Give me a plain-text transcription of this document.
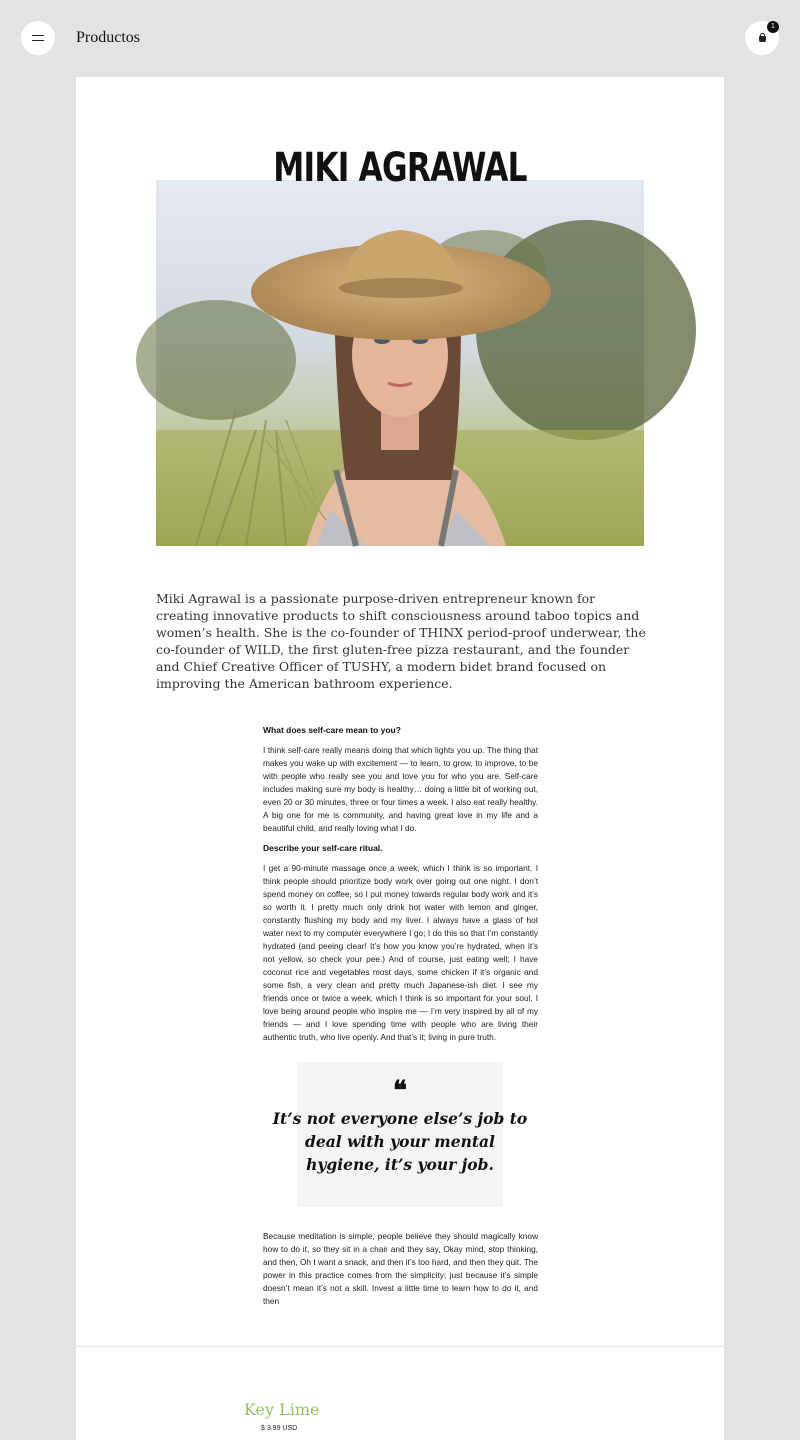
Productos
1
MIKI AGRAWAL
Miki Agrawal is a passionate purpose-driven entrepreneur known for creating innovative products to shift consciousness around taboo topics and women’s health. She is the co-founder of THINX period-proof underwear, the co-founder of WILD, the first gluten-free pizza restaurant, and the founder and Chief Creative Officer of TUSHY, a modern bidet brand focused on improving the American bathroom experience.
What does self-care mean to you?
I think self-care really means doing that which lights you up. The thing that makes you wake up with excitement — to learn, to grow, to improve, to be with people who really see you and love you for who you are. Self-care includes making sure my body is healthy… doing a little bit of working out, even 20 or 30 minutes, three or four times a week. I also eat really healthy. A big one for me is community, and having great love in my life and a beautiful child, and really loving what I do.
Describe your self-care ritual.
I get a 90-minute massage once a week, which I think is so important. I think people should prioritize body work over going out one night. I don’t spend money on coffee, so I put money towards regular body work and it’s so worth it. I pretty much only drink hot water with lemon and ginger, constantly flushing my body and my liver. I always have a glass of hot water next to my computer everywhere I go; I do this so that I’m constantly hydrated (and peeing clear! It’s how you know you’re hydrated, when it’s not yellow, so check your pee.) And of course, just eating well; I have coconut rice and vegetables most days, some chicken if it’s organic and some fish, a very clean and pretty much Japanese-ish diet. I see my friends once or twice a week, which I think is so important for your soul. I love being around people who inspire me — I’m very inspired by all of my friends — and I love spending time with people who are living their authentic truth, who live openly. And that’s it; living in pure truth.
❝
It’s not everyone else’s job to deal with your mental hygiene, it’s your job.
Because meditation is simple, people believe they should magically know how to do it, so they sit in a chair and they say, Okay mind, stop thinking, and then, Oh I want a snack, and then it’s too hard, and then they quit. The power in this practice comes from the simplicity; just because it’s simple doesn’t mean it’s not a skill. Invest a little time to learn how to do it, and then
Key Lime
$ 3.99 USD
